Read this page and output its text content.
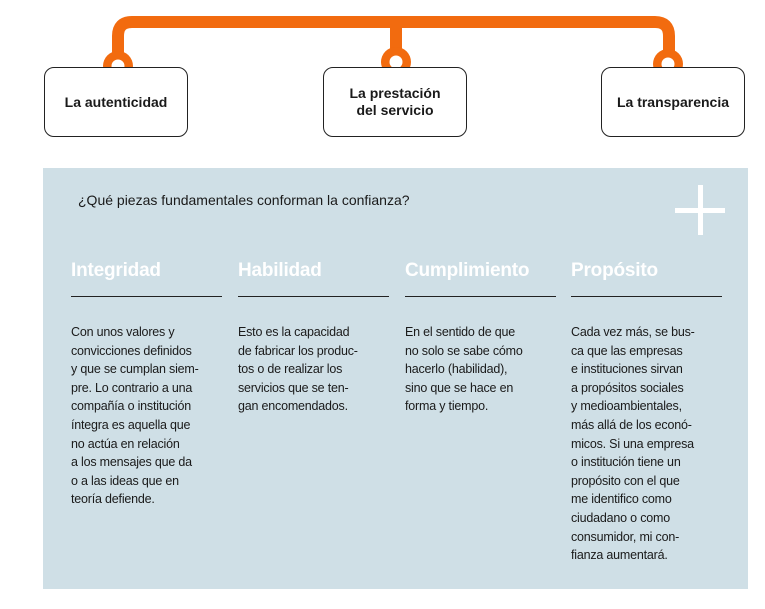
La autenticidad
La prestación
del servicio
La transparencia
¿Qué piezas fundamentales conforman la confianza?
Integridad
Con unos valores y
convicciones definidos
y que se cumplan siem-
pre. Lo contrario a una
compañía o institución
íntegra es aquella que
no actúa en relación
a los mensajes que da
o a las ideas que en
teoría defiende.
Habilidad
Esto es la capacidad
de fabricar los produc-
tos o de realizar los
servicios que se ten-
gan encomendados.
Cumplimiento
En el sentido de que
no solo se sabe cómo
hacerlo (habilidad),
sino que se hace en
forma y tiempo.
Propósito
Cada vez más, se bus-
ca que las empresas
e instituciones sirvan
a propósitos sociales
y medioambientales,
más allá de los econó-
micos. Si una empresa
o institución tiene un
propósito con el que
me identifico como
ciudadano o como
consumidor, mi con-
fianza aumentará.
